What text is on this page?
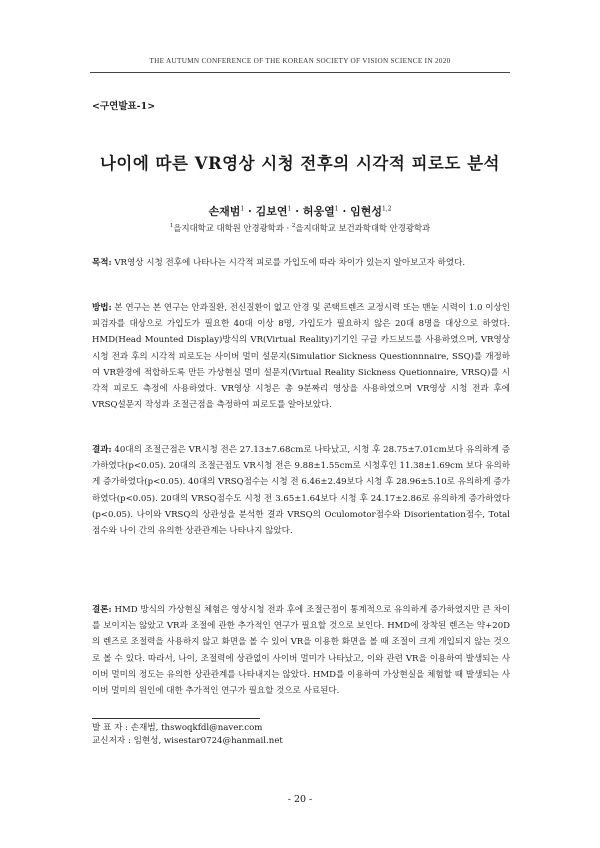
THE AUTUMN CONFERENCE OF THE KOREAN SOCIETY OF VISION SCIENCE IN 2020
<구연발표-1>
나이에 따른 VR영상 시청 전후의 시각적 피로도 분석
손재범$^1$ · 김보연$^1$ · 허웅열$^1$ · 임현성$^{1,2}$
$^1$을지대학교 대학원 안경광학과 · $^2$을지대학교 보건과학대학 안경광학과
목적: VR영상 시청 전후에 나타나는 시각적 피로를 가입도에 따라 차이가 있는지 알아보고자 하였다.
방법: 본 연구는 본 연구는 안과질환, 전신질환이 없고 안경 및 콘택트렌즈 교정시력 또는 맨눈 시력이 1.0 이상인 피검자를 대상으로 가입도가 필요한 40대 이상 8명, 가입도가 필요하지 않은 20대 8명을 대상으로 하였다. HMD(Head Mounted Display)방식의 VR(Virtual Reality)기기인 구글 카드보드를 사용하였으며, VR영상 시청 전과 후의 시각적 피로도는 사이버 멀미 설문지(Simulatior Sickness Questionnnaire, SSQ)를 개정하여 VR환경에 적합하도록 만든 가상현실 멀미 설문지(Virtual Reality Sickness Quetionnaire, VRSQ)를 시각적 피로도 측정에 사용하였다. VR영상 시청은 총 9분짜리 영상을 사용하였으며 VR영상 시청 전과 후에 VRSQ설문지 작성과 조절근점을 측정하여 피로도를 알아보았다.
결과: 40대의 조절근점은 VR시청 전은 27.13±7.68cm로 나타났고, 시청 후 28.75±7.01cm보다 유의하게 증가하였다(p<0.05). 20대의 조절근점도 VR시청 전은 9.88±1.55cm로 시청후인 11.38±1.69cm 보다 유의하게 증가하였다(p<0.05). 40대의 VRSQ점수는 시청 전 6.46±2.49보다 시청 후 28.96±5.10로 유의하게 증가하였다(p<0.05). 20대의 VRSQ점수도 시청 전 3.65±1.64보다 시청 후 24.17±2.86로 유의하게 증가하였다(p<0.05). 나이와 VRSQ의 상관성을 분석한 결과 VRSQ의 Oculomotor점수와 Disorientation점수, Total 점수와 나이 간의 유의한 상관관계는 나타나지 않았다.
결론: HMD 방식의 가상현실 체험은 영상시청 전과 후에 조절근점이 통계적으로 유의하게 증가하였지만 큰 차이를 보이지는 않았고 VR과 조절에 관한 추가적인 연구가 필요할 것으로 보인다. HMD에 장착된 렌즈는 약+20D의 렌즈로 조절력을 사용하지 않고 화면을 볼 수 있어 VR을 이용한 화면을 볼 때 조절이 크게 개입되지 않는 것으로 볼 수 있다. 따라서, 나이, 조절력에 상관없이 사이버 멀미가 나타났고, 이와 관련 VR을 이용하여 발생되는 사이버 멀미의 정도는 유의한 상관관계를 나타내지는 않았다. HMD를 이용하여 가상현실을 체험할 때 발생되는 사이버 멀미의 원인에 대한 추가적인 연구가 필요할 것으로 사료된다.
발 표 자 : 손재범, thswoqkfdl@naver.com
교신저자 : 임현성, wisestar0724@hanmail.net
- 20 -
